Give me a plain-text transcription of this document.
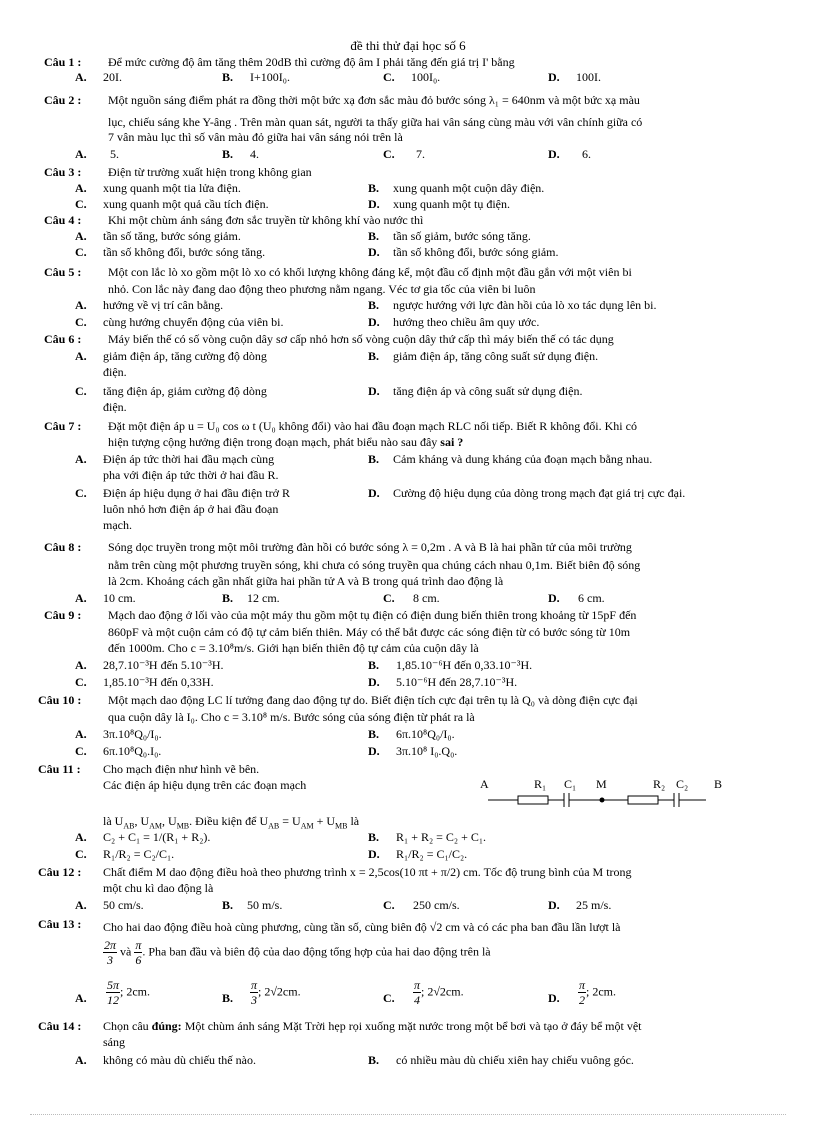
đề thi thử đại học số 6
Câu 1 : Để mức cường độ âm tăng thêm 20dB thì cường độ âm I phải tăng đến giá trị I' bằng
A. 20I.	B. I+100I₀.	C. 100I₀.	D. 100I.
Câu 2 : Một nguồn sáng điểm phát ra đồng thời một bức xạ đơn sắc màu đỏ bước sóng λ₁ = 640nm và một bức xạ màu
lục, chiếu sáng khe Y-âng . Trên màn quan sát, người ta thấy giữa hai vân sáng cùng màu với vân chính giữa có
7 vân màu lục thì số vân màu đỏ giữa hai vân sáng nói trên là
A. 5.	B. 4.	C. 7.	D. 6.
Câu 3 : Điện từ trường xuất hiện trong không gian
A. xung quanh một tia lửa điện.	B. xung quanh một cuộn dây điện.
C. xung quanh một quả cầu tích điện.	D. xung quanh một tụ điện.
Câu 4 : Khi một chùm ánh sáng đơn sắc truyền từ không khí vào nước thì
A. tần số tăng, bước sóng giảm.	B. tần số giảm, bước sóng tăng.
C. tần số không đổi, bước sóng tăng.	D. tần số không đổi, bước sóng giảm.
Câu 5 : Một con lắc lò xo gồm một lò xo có khối lượng không đáng kể, một đầu cố định một đầu gắn với một viên bi
nhỏ. Con lắc này đang dao động theo phương nằm ngang. Véc tơ gia tốc của viên bi luôn
A. hướng về vị trí cân bằng.	B. ngược hướng với lực đàn hồi của lò xo tác dụng lên bi.
C. cùng hướng chuyển động của viên bi.	D. hướng theo chiều âm quy ước.
Câu 6 : Máy biến thế có số vòng cuộn dây sơ cấp nhỏ hơn số vòng cuộn dây thứ cấp thì máy biến thế có tác dụng
A. giảm điện áp, tăng cường độ dòng
điện.
B. giảm điện áp, tăng công suất sử dụng điện.
C. tăng điện áp, giảm cường độ dòng
điện.
D. tăng điện áp và công suất sử dụng điện.
Câu 7 : Đặt một điện áp u = U₀ cos ω t (U₀ không đổi) vào hai đầu đoạn mạch RLC nối tiếp. Biết R không đổi. Khi có
hiện tượng cộng hưởng điện trong đoạn mạch, phát biểu nào sau đây sai ?
A. Điện áp tức thời hai đầu mạch cùng
pha với điện áp tức thời ở hai đầu R.
B. Cảm kháng và dung kháng của đoạn mạch bằng nhau.
C. Điện áp hiệu dụng ở hai đầu điện trở R
luôn nhỏ hơn điện áp ở hai đầu đoạn
mạch.
D. Cường độ hiệu dụng của dòng trong mạch đạt giá trị cực đại.
Câu 8 : Sóng dọc truyền trong một môi trường đàn hồi có bước sóng λ = 0,2m . A và B là hai phần tử của môi trường
nằm trên cùng một phương truyền sóng, khi chưa có sóng truyền qua chúng cách nhau 0,1m. Biết biên độ sóng
là 2cm. Khoảng cách gần nhất giữa hai phần tử A và B trong quá trình dao động là
A. 10 cm.	B. 12 cm.	C. 8 cm.	D. 6 cm.
Câu 9 : Mạch dao động ở lối vào của một máy thu gồm một tụ điện có điện dung biến thiên trong khoảng từ 15pF đến
860pF và một cuộn cảm có độ tự cảm biến thiên. Máy có thể bắt được các sóng điện từ có bước sóng từ 10m
đến 1000m. Cho c = 3.10⁸m/s. Giới hạn biến thiên độ tự cảm của cuộn dây là
A. 28,7.10⁻³H đến 5.10⁻³H.	B. 1,85.10⁻⁶H đến 0,33.10⁻³H.
C. 1,85.10⁻³H đến 0,33H.	D. 5.10⁻⁶H đến 28,7.10⁻³H.
Câu 10 : Một mạch dao động LC lí tưởng đang dao động tự do. Biết điện tích cực đại trên tụ là Q₀ và dòng điện cực đại
qua cuộn dây là I₀. Cho c = 3.10⁸ m/s. Bước sóng của sóng điện từ phát ra là
A. 3π.10⁸Q₀/I₀.	B. 6π.10⁸Q₀/I₀.
C. 6π.10⁸Q₀.I₀.	D. 3π.10⁸ I₀.Q₀.
Câu 11 : Cho mạch điện như hình vẽ bên.
Các điện áp hiệu dụng trên các đoạn mạch
là $U_{AB}$, $U_{AM}$, $U_{MB}$. Điều kiện để $U_{AB} = U_{AM} + U_{MB}$ là
A	R₁ C₁ M	R₂ C₂ B
A. C₂ + C₁ = 1/(R₁ + R₂).	B. R₁ + R₂ = C₂ + C₁.
C. R₁/R₂ = C₂/C₁.	D. R₁/R₂ = C₁/C₂.
Câu 12 : Chất điểm M dao động điều hoà theo phương trình x = 2,5cos(10 πt + π/2) cm. Tốc độ trung bình của M trong
một chu kì dao động là
A. 50 cm/s.	B. 50 m/s.	C. 250 cm/s.	D. 25 m/s.
Câu 13 : Cho hai dao động điều hoà cùng phương, cùng tần số, cùng biên độ √2 cm và có các pha ban đầu lần lượt là
$\frac{2\pi}{3}$ và $\frac{\pi}{6}$ . Pha ban đầu và biên độ của dao động tổng hợp của hai dao động trên là
A. $\frac{5\pi}{12}$ ; 2cm.	B. $\frac{\pi}{3}$ ; 2√2cm.	C. $\frac{\pi}{4}$ ; 2√2cm.	D. $\frac{\pi}{2}$ ; 2cm.
Câu 14 : Chọn câu đúng: Một chùm ánh sáng Mặt Trời hẹp rọi xuống mặt nước trong một bể bơi và tạo ở đáy bể một vệt
sáng
A. không có màu dù chiếu thế nào.	B. có nhiều màu dù chiếu xiên hay chiếu vuông góc.
